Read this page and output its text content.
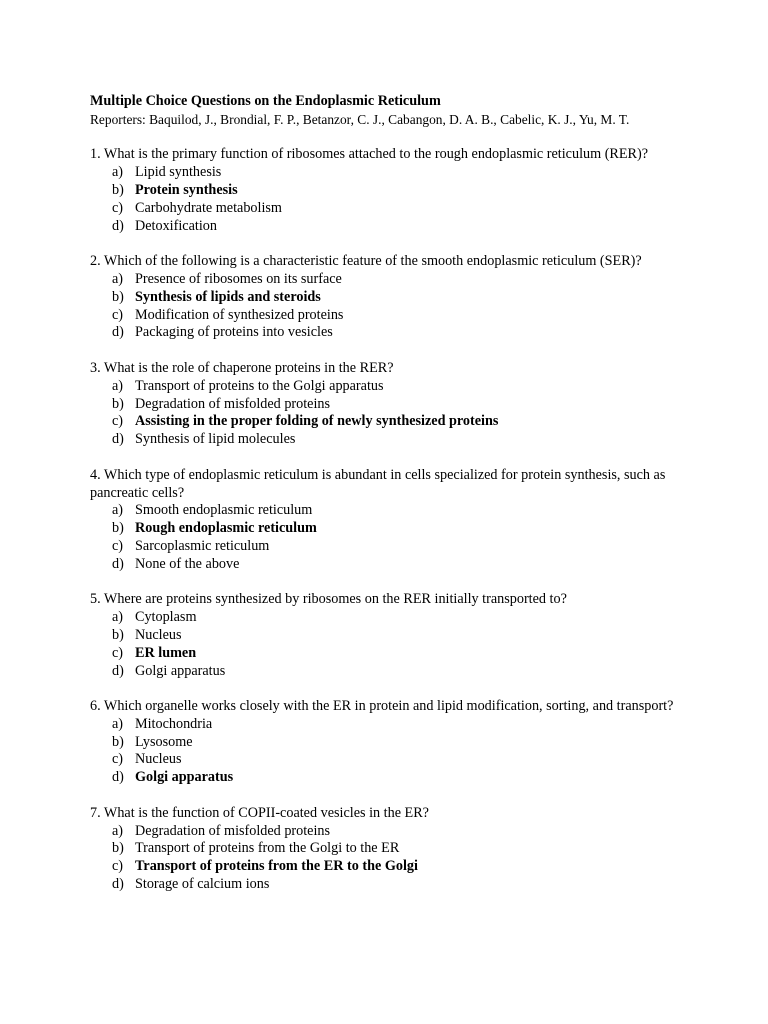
Multiple Choice Questions on the Endoplasmic Reticulum

Reporters: Baquilod, J., Brondial, F. P., Betanzor, C. J., Cabangon, D. A. B., Cabelic, K. J., Yu, M. T.

1. What is the primary function of ribosomes attached to the rough endoplasmic reticulum (RER)?

a) Lipid synthesis
b) Protein synthesis
c) Carbohydrate metabolism
d) Detoxification

2. Which of the following is a characteristic feature of the smooth endoplasmic reticulum (SER)?

a) Presence of ribosomes on its surface
b) Synthesis of lipids and steroids
c) Modification of synthesized proteins
d) Packaging of proteins into vesicles

3. What is the role of chaperone proteins in the RER?

a) Transport of proteins to the Golgi apparatus
b) Degradation of misfolded proteins
c) Assisting in the proper folding of newly synthesized proteins
d) Synthesis of lipid molecules

4. Which type of endoplasmic reticulum is abundant in cells specialized for protein synthesis, such as pancreatic cells?

a) Smooth endoplasmic reticulum
b) Rough endoplasmic reticulum
c) Sarcoplasmic reticulum
d) None of the above

5. Where are proteins synthesized by ribosomes on the RER initially transported to?

a) Cytoplasm
b) Nucleus
c) ER lumen
d) Golgi apparatus

6. Which organelle works closely with the ER in protein and lipid modification, sorting, and transport?

a) Mitochondria
b) Lysosome
c) Nucleus
d) Golgi apparatus

7. What is the function of COPII-coated vesicles in the ER?

a) Degradation of misfolded proteins
b) Transport of proteins from the Golgi to the ER
c) Transport of proteins from the ER to the Golgi
d) Storage of calcium ions
